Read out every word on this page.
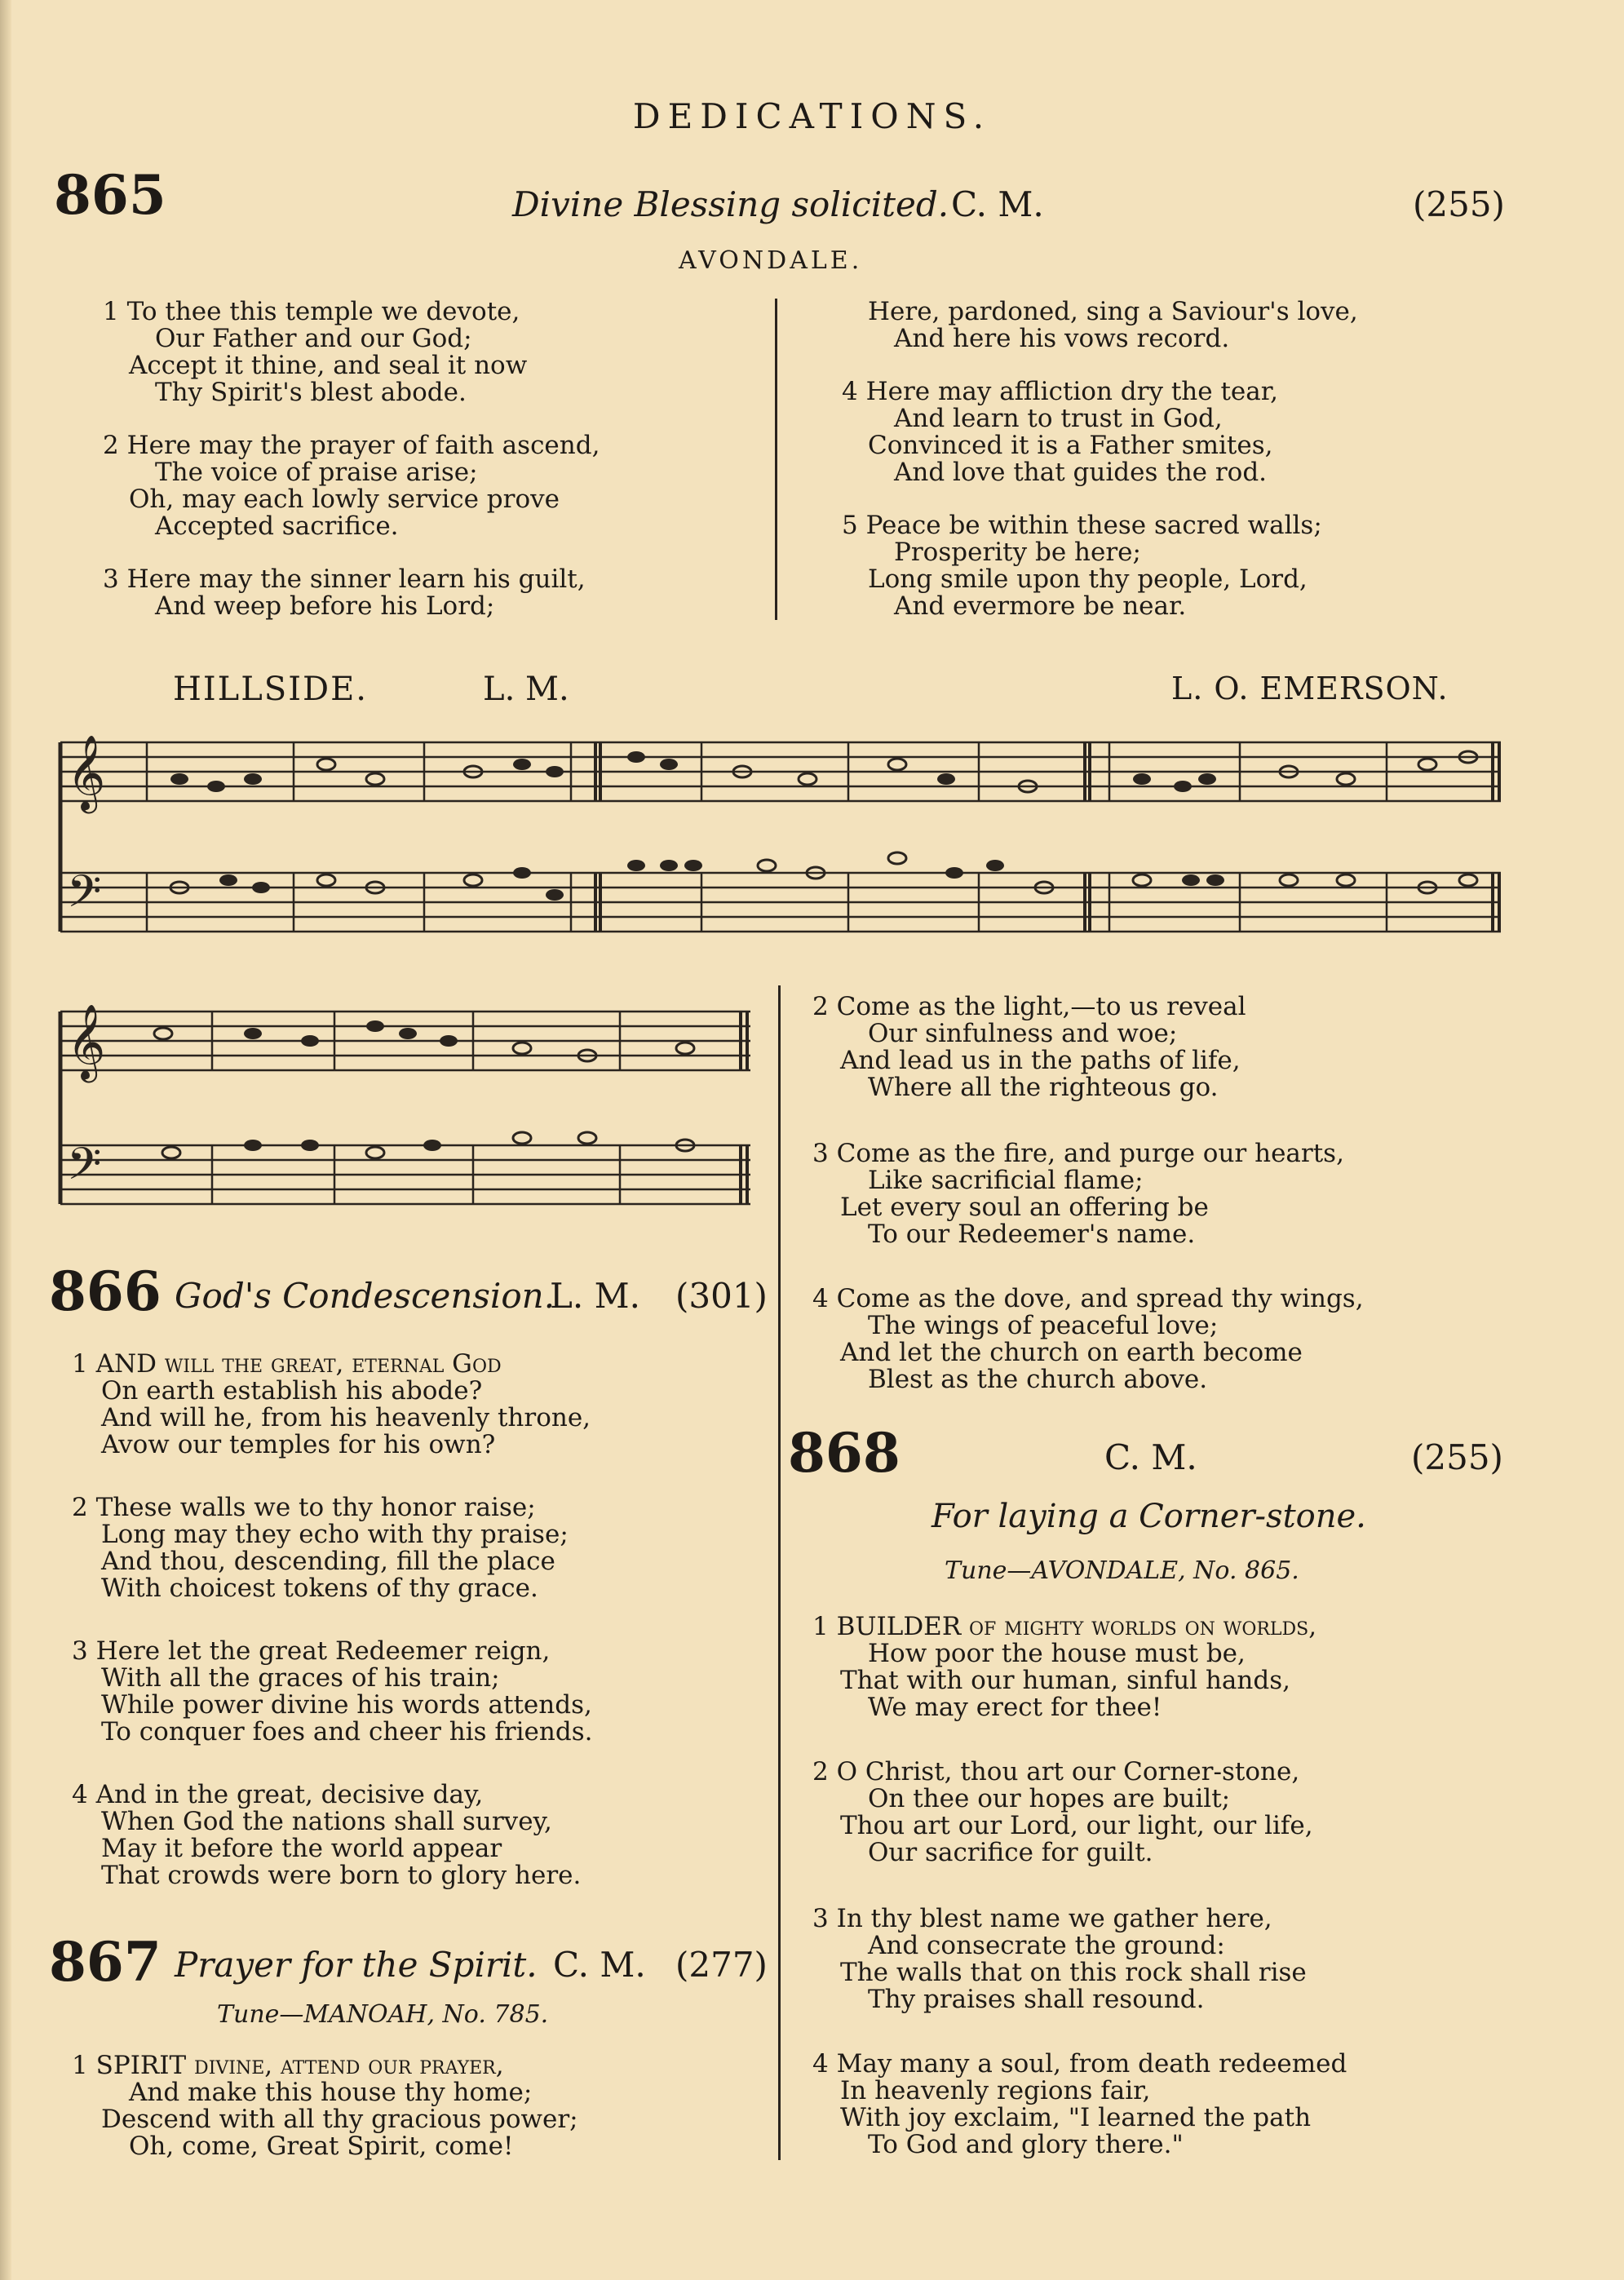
DEDICATIONS.
865	Divine Blessing solicited. C. M.	(255)
AVONDALE.
1 To thee this temple we devote,
Our Father and our God;
Accept it thine, and seal it now
Thy Spirit's blest abode.
2 Here may the prayer of faith ascend,
The voice of praise arise;
Oh, may each lowly service prove
Accepted sacrifice.
3 Here may the sinner learn his guilt,
And weep before his Lord;
Here, pardoned, sing a Saviour's love,
And here his vows record.
4 Here may affliction dry the tear,
And learn to trust in God,
Convinced it is a Father smites,
And love that guides the rod.
5 Peace be within these sacred walls;
Prosperity be here;
Long smile upon thy people, Lord,
And evermore be near.
HILLSIDE.	L. M.	L. O. EMERSON.
𝄞
𝄢
𝄞
𝄢
866 God's Condescension.
L. M. (301)
1 AND will the great, eternal God
On earth establish his abode?
And will he, from his heavenly throne,
Avow our temples for his own?
2 These walls we to thy honor raise;
Long may they echo with thy praise;
And thou, descending, fill the place
With choicest tokens of thy grace.
3 Here let the great Redeemer reign,
With all the graces of his train;
While power divine his words attends,
To conquer foes and cheer his friends.
4 And in the great, decisive day,
When God the nations shall survey,
May it before the world appear
That crowds were born to glory here.
867 Prayer for the Spirit. C. M. (277)
Tune—MANOAH, No. 785.
1 SPIRIT divine, attend our prayer,
And make this house thy home;
Descend with all thy gracious power;
Oh, come, Great Spirit, come!
2 Come as the light,—to us reveal
Our sinfulness and woe;
And lead us in the paths of life,
Where all the righteous go.
3 Come as the fire, and purge our hearts,
Like sacrificial flame;
Let every soul an offering be
To our Redeemer's name.
4 Come as the dove, and spread thy wings,
The wings of peaceful love;
And let the church on earth become
Blest as the church above.
868	C. M.	(255)
For laying a Corner-stone.
Tune—AVONDALE, No. 865.
1 BUILDER of mighty worlds on worlds,
How poor the house must be,
That with our human, sinful hands,
We may erect for thee!
2 O Christ, thou art our Corner-stone,
On thee our hopes are built;
Thou art our Lord, our light, our life,
Our sacrifice for guilt.
3 In thy blest name we gather here,
And consecrate the ground:
The walls that on this rock shall rise
Thy praises shall resound.
4 May many a soul, from death redeemed
In heavenly regions fair,
With joy exclaim, "I learned the path
To God and glory there."
